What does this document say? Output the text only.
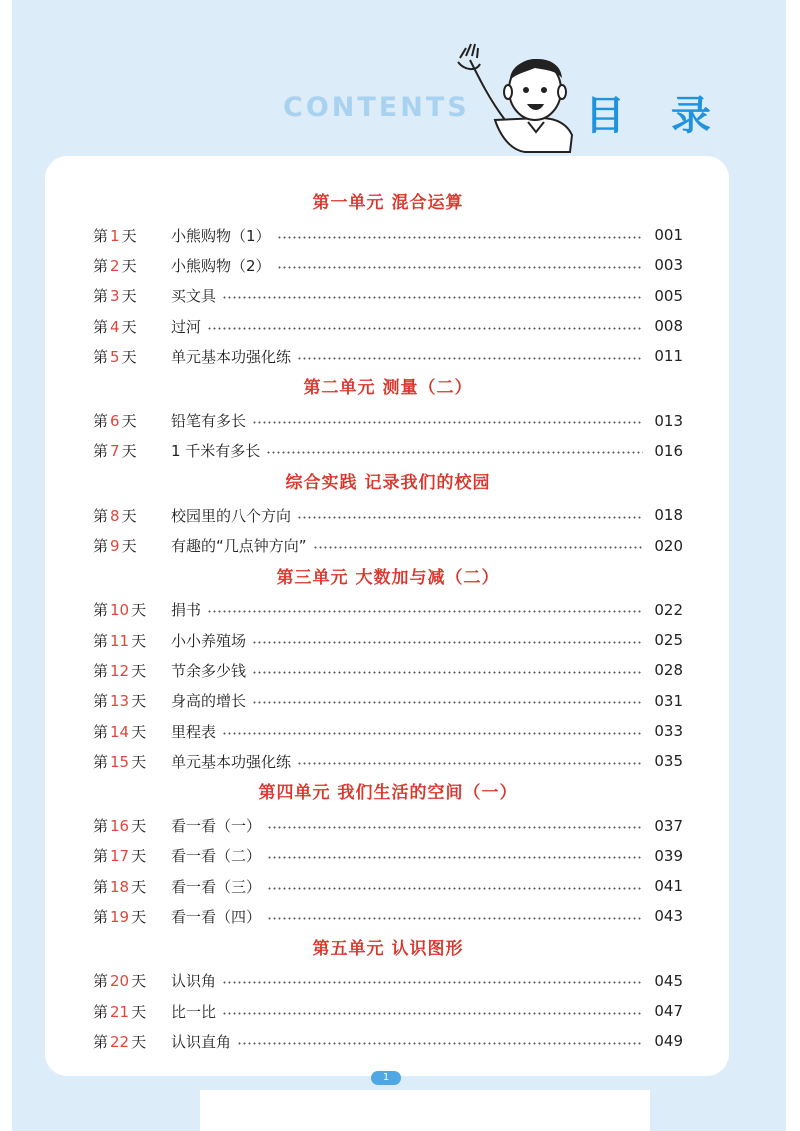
CONTENTS	目 录
1
第一单元 混合运算
第 1 天	小熊购物（1）	001
第 2 天	小熊购物（2）	003
第 3 天	买文具	005
第 4 天	过河	008
第 5 天	单元基本功强化练	011
第二单元 测量（二）
第 6 天	铅笔有多长	013
第 7 天	1 千米有多长	016
综合实践 记录我们的校园
第 8 天	校园里的八个方向	018
第 9 天	有趣的“几点钟方向”	020
第三单元 大数加与减（二）
第 10 天	捐书	022
第 11 天	小小养殖场	025
第 12 天	节余多少钱	028
第 13 天	身高的增长	031
第 14 天	里程表	033
第 15 天	单元基本功强化练	035
第四单元 我们生活的空间（一）
第 16 天	看一看（一）	037
第 17 天	看一看（二）	039
第 18 天	看一看（三）	041
第 19 天	看一看（四）	043
第五单元 认识图形
第 20 天	认识角	045
第 21 天	比一比	047
第 22 天	认识直角	049
